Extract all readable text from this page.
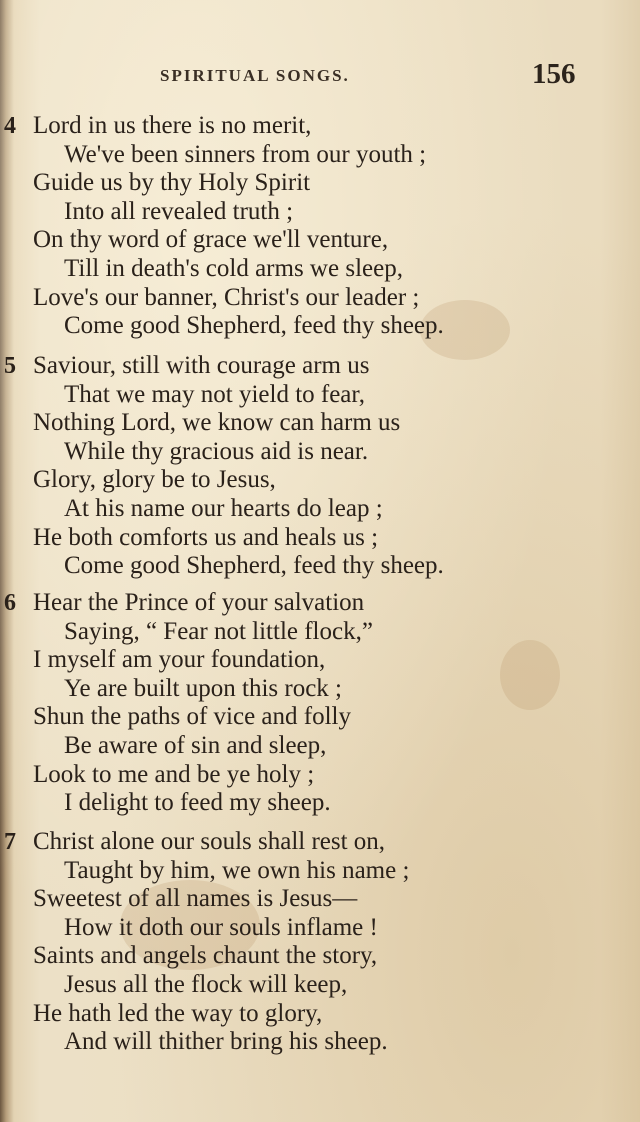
SPIRITUAL SONGS.	156
4 Lord in us there is no merit,
We've been sinners from our youth ;
Guide us by thy Holy Spirit
Into all revealed truth ;
On thy word of grace we'll venture,
Till in death's cold arms we sleep,
Love's our banner, Christ's our leader ;
Come good Shepherd, feed thy sheep.
5 Saviour, still with courage arm us
That we may not yield to fear,
Nothing Lord, we know can harm us
While thy gracious aid is near.
Glory, glory be to Jesus,
At his name our hearts do leap ;
He both comforts us and heals us ;
Come good Shepherd, feed thy sheep.
6 Hear the Prince of your salvation
Saying, “ Fear not little flock,”
I myself am your foundation,
Ye are built upon this rock ;
Shun the paths of vice and folly
Be aware of sin and sleep,
Look to me and be ye holy ;
I delight to feed my sheep.
7 Christ alone our souls shall rest on,
Taught by him, we own his name ;
Sweetest of all names is Jesus—
How it doth our souls inflame !
Saints and angels chaunt the story,
Jesus all the flock will keep,
He hath led the way to glory,
And will thither bring his sheep.
